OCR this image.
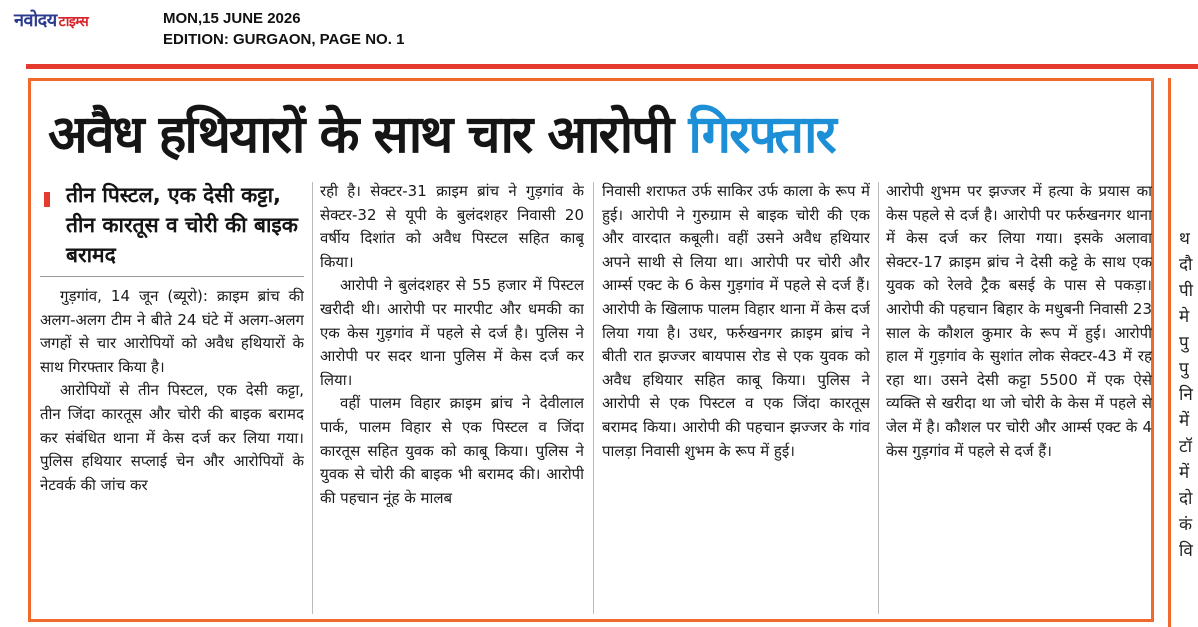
नवोदय टाइम्स	MON,15 JUNE 2026
EDITION: GURGAON, PAGE NO. 1
अवैध हथियारों के साथ चार आरोपी गिरफ्तार
तीन पिस्टल, एक देसी कट्टा, तीन कारतूस व चोरी की बाइक बरामद

गुड़गांव, 14 जून (ब्यूरो): क्राइम ब्रांच की अलग-अलग टीम ने बीते 24 घंटे में अलग-अलग जगहों से चार आरोपियों को अवैध हथियारों के साथ गिरफ्तार किया है।

आरोपियों से तीन पिस्टल, एक देसी कट्टा, तीन जिंदा कारतूस और चोरी की बाइक बरामद कर संबंधित थाना में केस दर्ज कर लिया गया। पुलिस हथियार सप्लाई चेन और आरोपियों के नेटवर्क की जांच कर

रही है। सेक्टर-31 क्राइम ब्रांच ने गुड़गांव के सेक्टर-32 से यूपी के बुलंदशहर निवासी 20 वर्षीय दिशांत को अवैध पिस्टल सहित काबू किया।

आरोपी ने बुलंदशहर से 55 हजार में पिस्टल खरीदी थी। आरोपी पर मारपीट और धमकी का एक केस गुड़गांव में पहले से दर्ज है। पुलिस ने आरोपी पर सदर थाना पुलिस में केस दर्ज कर लिया।

वहीं पालम विहार क्राइम ब्रांच ने देवीलाल पार्क, पालम विहार से एक पिस्टल व जिंदा कारतूस सहित युवक को काबू किया। पुलिस ने युवक से चोरी की बाइक भी बरामद की। आरोपी की पहचान नूंह के मालब

निवासी शराफत उर्फ साकिर उर्फ काला के रूप में हुई। आरोपी ने गुरुग्राम से बाइक चोरी की एक और वारदात कबूली। वहीं उसने अवैध हथियार अपने साथी से लिया था। आरोपी पर चोरी और आर्म्स एक्ट के 6 केस गुड़गांव में पहले से दर्ज हैं। आरोपी के खिलाफ पालम विहार थाना में केस दर्ज लिया गया है। उधर, फर्रुखनगर क्राइम ब्रांच ने बीती रात झज्जर बायपास रोड से एक युवक को अवैध हथियार सहित काबू किया। पुलिस ने आरोपी से एक पिस्टल व एक जिंदा कारतूस बरामद किया। आरोपी की पहचान झज्जर के गांव पालड़ा निवासी शुभम के रूप में हुई।

आरोपी शुभम पर झज्जर में हत्या के प्रयास का केस पहले से दर्ज है। आरोपी पर फर्रुखनगर थाना में केस दर्ज कर लिया गया। इसके अलावा सेक्टर-17 क्राइम ब्रांच ने देसी कट्टे के साथ एक युवक को रेलवे ट्रैक बसई के पास से पकड़ा। आरोपी की पहचान बिहार के मधुबनी निवासी 23 साल के कौशल कुमार के रूप में हुई। आरोपी हाल में गुड़गांव के सुशांत लोक सेक्टर-43 में रह रहा था। उसने देसी कट्टा 5500 में एक ऐसे व्यक्ति से खरीदा था जो चोरी के केस में पहले से जेल में है। कौशल पर चोरी और आर्म्स एक्ट के 4 केस गुड़गांव में पहले से दर्ज हैं।

थ
दौ
पी
मे
पु
पु
नि
में
टॉ
में
दो
कं
वि
